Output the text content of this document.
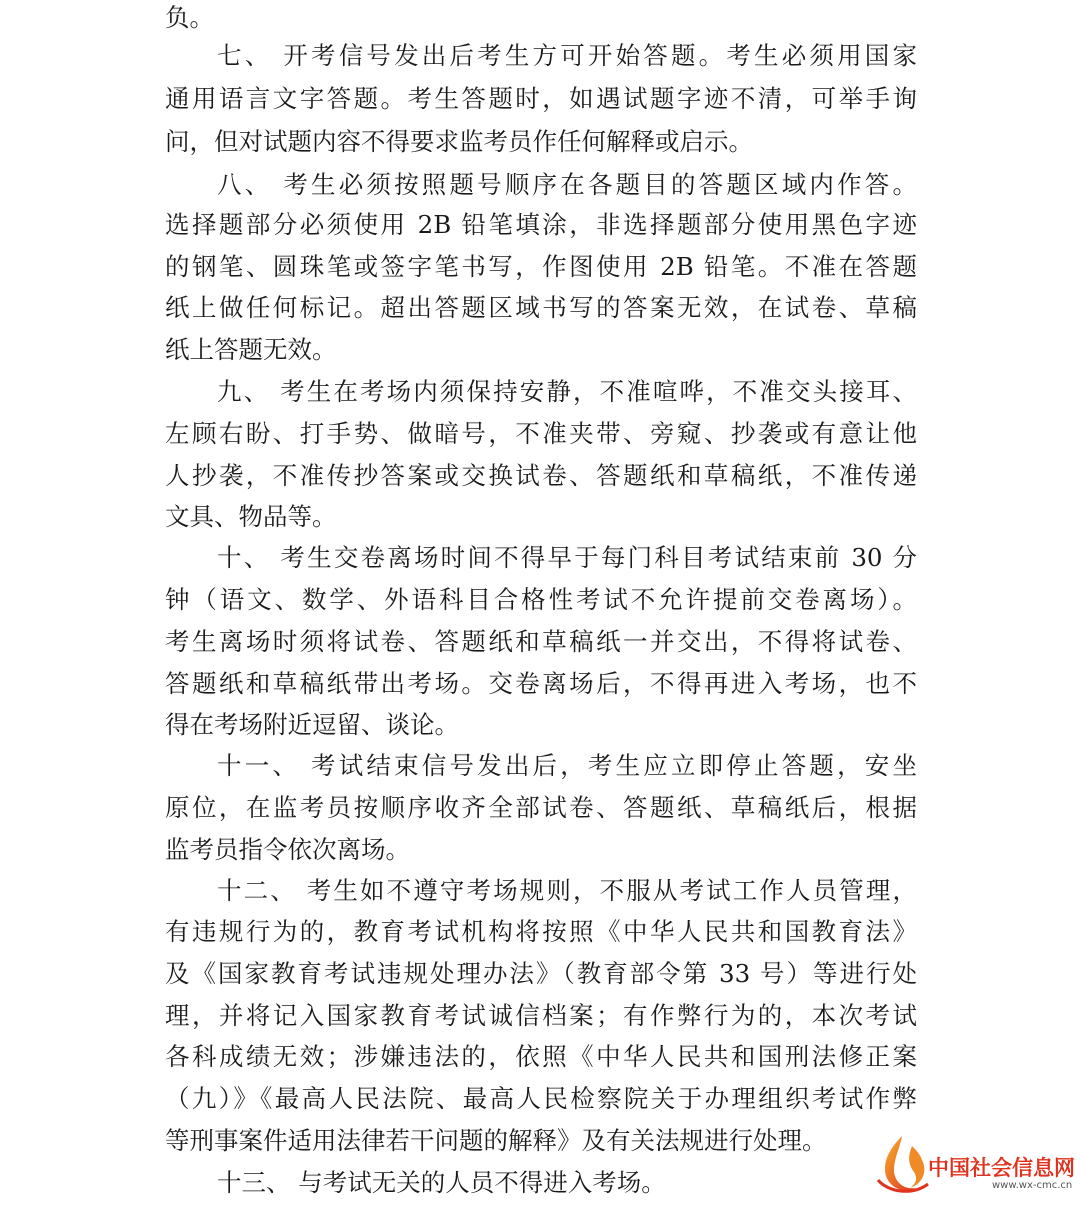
负。
七、 开考信号发出后考生方可开始答题。考生必须用国家
通用语言文字答题。考生答题时，如遇试题字迹不清，可举手询
问，但对试题内容不得要求监考员作任何解释或启示。
八、 考生必须按照题号顺序在各题目的答题区域内作答。
选择题部分必须使用 2B 铅笔填涂，非选择题部分使用黑色字迹
的钢笔、圆珠笔或签字笔书写，作图使用 2B 铅笔。不准在答题
纸上做任何标记。超出答题区域书写的答案无效，在试卷、草稿
纸上答题无效。
九、 考生在考场内须保持安静，不准喧哗，不准交头接耳、
左顾右盼、打手势、做暗号，不准夹带、旁窥、抄袭或有意让他
人抄袭，不准传抄答案或交换试卷、答题纸和草稿纸，不准传递
文具、物品等。
十、 考生交卷离场时间不得早于每门科目考试结束前 30 分
钟（语文、数学、外语科目合格性考试不允许提前交卷离场）。
考生离场时须将试卷、答题纸和草稿纸一并交出，不得将试卷、
答题纸和草稿纸带出考场。交卷离场后，不得再进入考场，也不
得在考场附近逗留、谈论。
十一、 考试结束信号发出后，考生应立即停止答题，安坐
原位，在监考员按顺序收齐全部试卷、答题纸、草稿纸后，根据
监考员指令依次离场。
十二、 考生如不遵守考场规则，不服从考试工作人员管理，
有违规行为的，教育考试机构将按照《中华人民共和国教育法》
及《国家教育考试违规处理办法》（教育部令第 33 号）等进行处
理，并将记入国家教育考试诚信档案；有作弊行为的，本次考试
各科成绩无效；涉嫌违法的，依照《中华人民共和国刑法修正案
（九）》《最高人民法院、最高人民检察院关于办理组织考试作弊
等刑事案件适用法律若干问题的解释》及有关法规进行处理。
十三、 与考试无关的人员不得进入考场。	中国社会信息网
www.wx-cmc.cn
